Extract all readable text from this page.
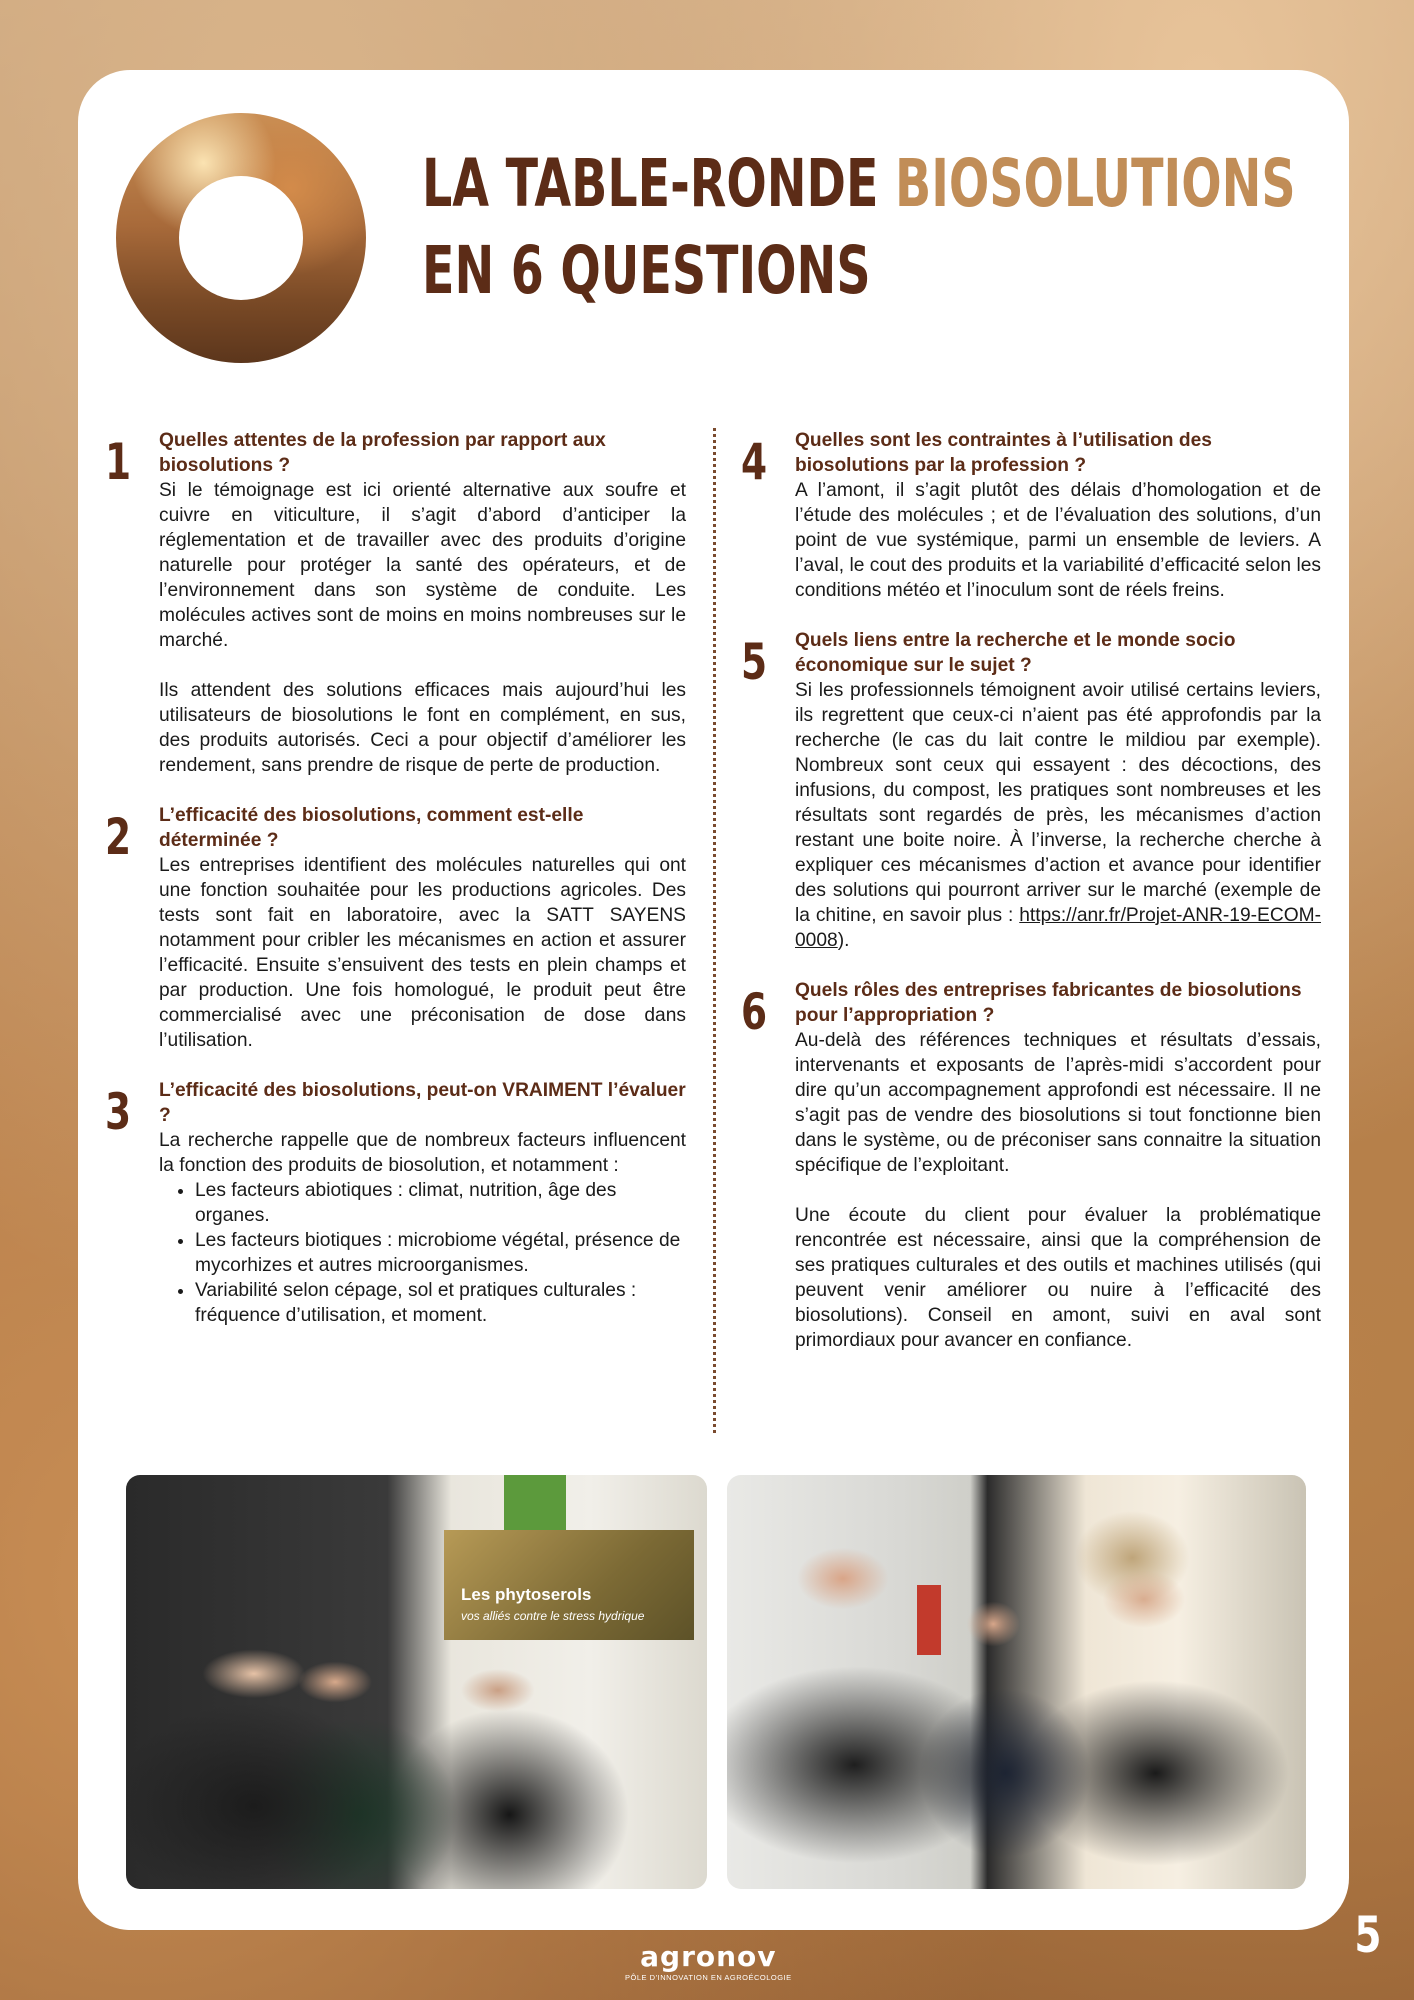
LA TABLE-RONDE BIOSOLUTIONS
EN 6 QUESTIONS
1 Quelles attentes de la profession par rapport aux biosolutions ?

Si le témoignage est ici orienté alternative aux soufre et cuivre en viticulture, il s’agit d’abord d’anticiper la réglementation et de travailler avec des produits d’origine naturelle pour protéger la santé des opérateurs, et de l’environnement dans son système de conduite. Les molécules actives sont de moins en moins nombreuses sur le marché.

Ils attendent des solutions efficaces mais aujourd’hui les utilisateurs de biosolutions le font en complément, en sus, des produits autorisés. Ceci a pour objectif d’améliorer les rendement, sans prendre de risque de perte de production.

2 L’efficacité des biosolutions, comment est-elle déterminée ?

Les entreprises identifient des molécules naturelles qui ont une fonction souhaitée pour les productions agricoles. Des tests sont fait en laboratoire, avec la SATT SAYENS notamment pour cribler les mécanismes en action et assurer l’efficacité. Ensuite s’ensuivent des tests en plein champs et par production. Une fois homologué, le produit peut être commercialisé avec une préconisation de dose dans l’utilisation.

3 L’efficacité des biosolutions, peut-on VRAIMENT l’évaluer ?

La recherche rappelle que de nombreux facteurs influencent la fonction des produits de biosolution, et notamment :

• Les facteurs abiotiques : climat, nutrition, âge des organes.
• Les facteurs biotiques : microbiome végétal, présence de mycorhizes et autres microorganismes.
• Variabilité selon cépage, sol et pratiques culturales : fréquence d’utilisation, et moment.
4 Quelles sont les contraintes à l’utilisation des biosolutions par la profession ?

A l’amont, il s’agit plutôt des délais d’homologation et de l’étude des molécules ; et de l’évaluation des solutions, d’un point de vue systémique, parmi un ensemble de leviers. A l’aval, le cout des produits et la variabilité d’efficacité selon les conditions météo et l’inoculum sont de réels freins.

5 Quels liens entre la recherche et le monde socio économique sur le sujet ?

Si les professionnels témoignent avoir utilisé certains leviers, ils regrettent que ceux-ci n’aient pas été approfondis par la recherche (le cas du lait contre le mildiou par exemple). Nombreux sont ceux qui essayent : des décoctions, des infusions, du compost, les pratiques sont nombreuses et les résultats sont regardés de près, les mécanismes d’action restant une boite noire. À l’inverse, la recherche cherche à expliquer ces mécanismes d’action et avance pour identifier des solutions qui pourront arriver sur le marché (exemple de la chitine, en savoir plus : https://anr.fr/Projet-ANR-19-ECOM-0008).

6 Quels rôles des entreprises fabricantes de biosolutions pour l’appropriation ?

Au-delà des références techniques et résultats d’essais, intervenants et exposants de l’après-midi s’accordent pour dire qu’un accompagnement approfondi est nécessaire. Il ne s’agit pas de vendre des biosolutions si tout fonctionne bien dans le système, ou de préconiser sans connaitre la situation spécifique de l’exploitant.

Une écoute du client pour évaluer la problématique rencontrée est nécessaire, ainsi que la compréhension de ses pratiques culturales et des outils et machines utilisés (qui peuvent venir améliorer ou nuire à l’efficacité des biosolutions). Conseil en amont, suivi en aval sont primordiaux pour avancer en confiance.

Les phytoserols
vos alliés contre le stress hydrique
agronov
PÔLE D’INNOVATION EN AGROÉCOLOGIE
5
